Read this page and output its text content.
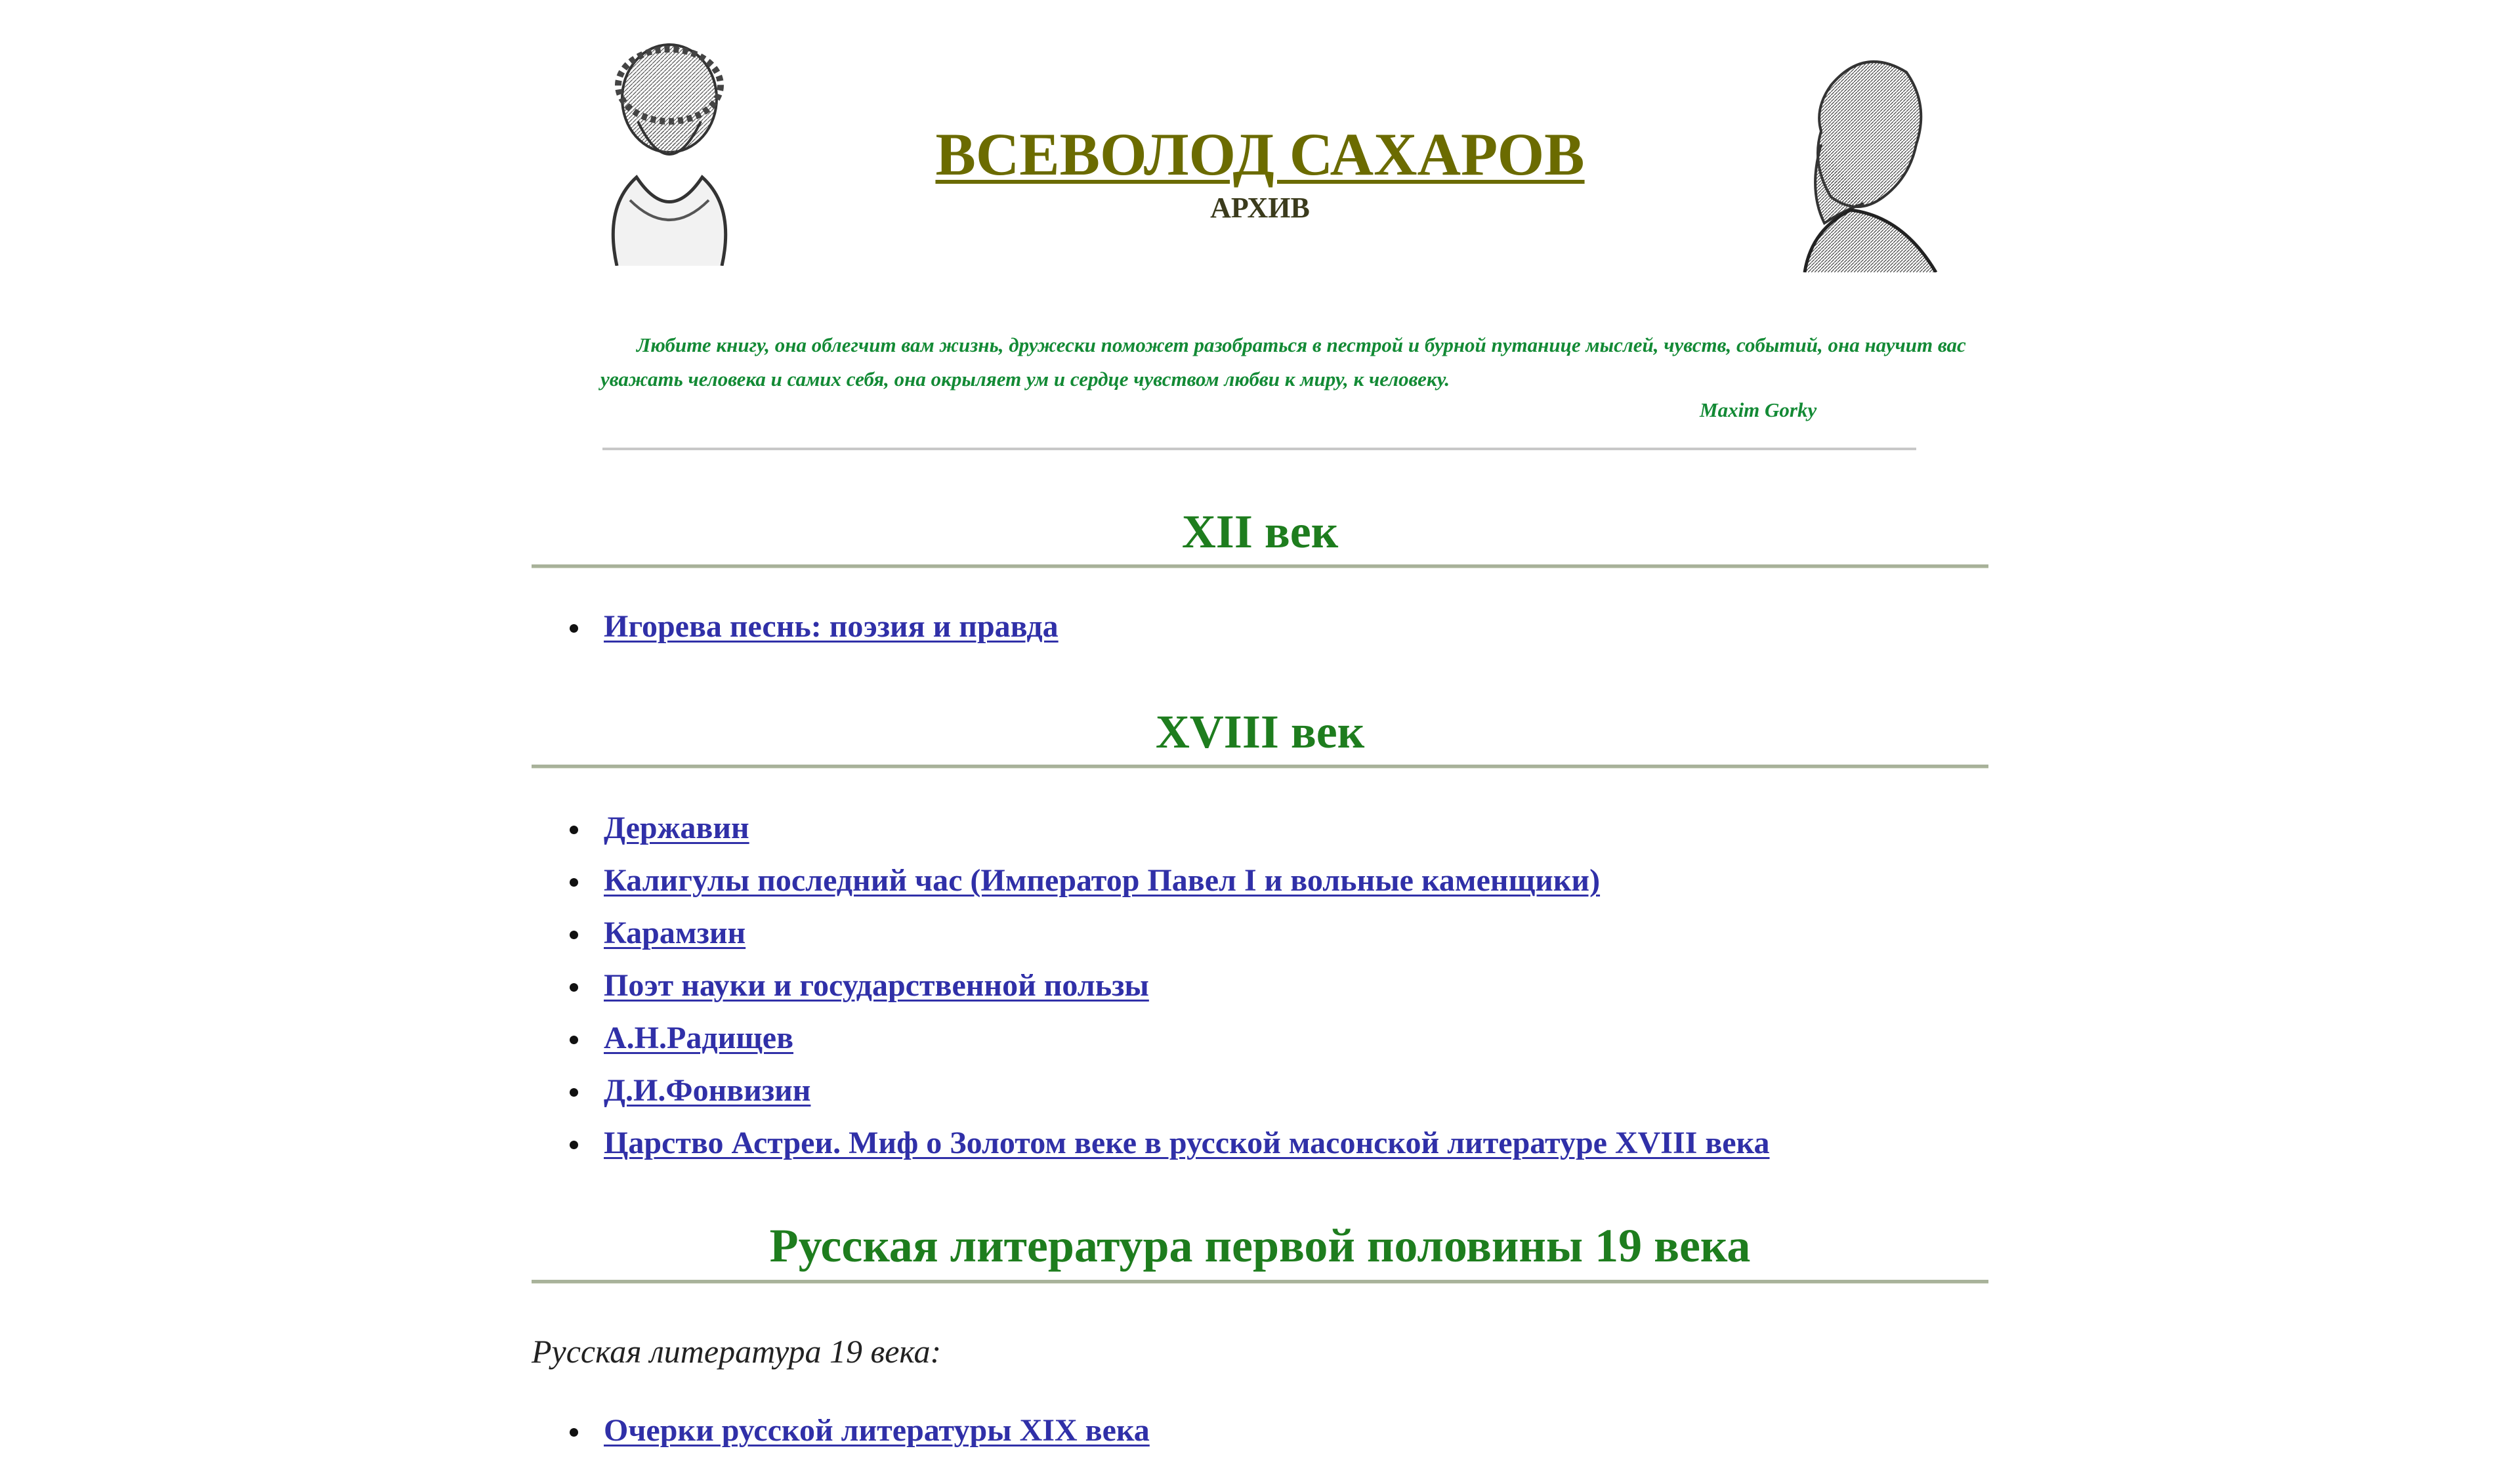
ВСЕВОЛОД САХАРОВ
АРХИВ
Любите книгу, она облегчит вам жизнь, дружески поможет разобраться в пестрой и бурной путанице мыслей, чувств, событий, она научит вас уважать человека и самих себя, она окрыляет ум и сердце чувством любви к миру, к человеку.
Maxim Gorky
XII век
Игорева песнь: поэзия и правда
XVIII век
Державин
Калигулы последний час (Император Павел I и вольные каменщики)
Карамзин
Поэт науки и государственной пользы
А.Н.Радищев
Д.И.Фонвизин
Царство Астреи. Миф о Золотом веке в русской масонской литературе XVIII века
Русская литература первой половины 19 века
Русская литература 19 века:
Очерки русской литературы XIX века
